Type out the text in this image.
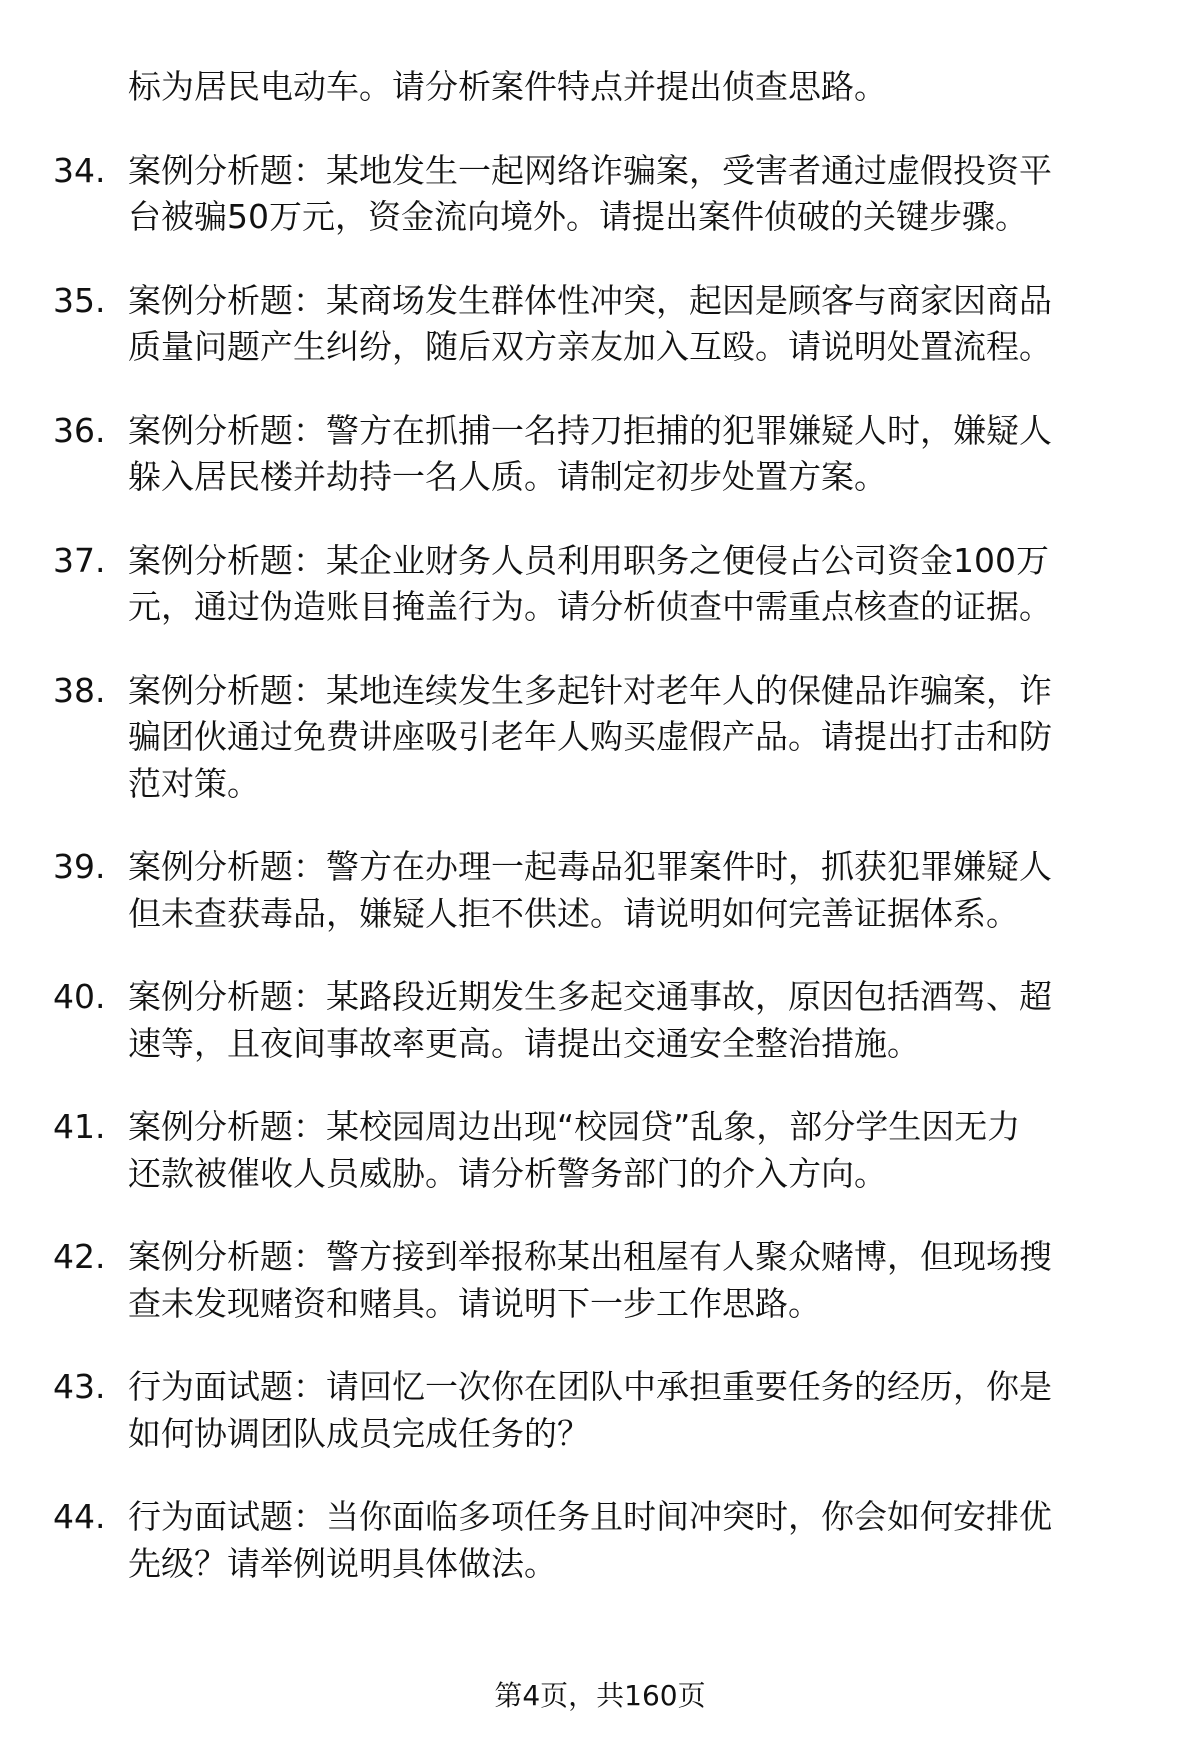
标为居民电动车。请分析案件特点并提出侦查思路。
34. 案例分析题：某地发生一起网络诈骗案，受害者通过虚假投资平
台被骗50万元，资金流向境外。请提出案件侦破的关键步骤。
35. 案例分析题：某商场发生群体性冲突，起因是顾客与商家因商品
质量问题产生纠纷，随后双方亲友加入互殴。请说明处置流程。
36. 案例分析题：警方在抓捕一名持刀拒捕的犯罪嫌疑人时，嫌疑人
躲入居民楼并劫持一名人质。请制定初步处置方案。
37. 案例分析题：某企业财务人员利用职务之便侵占公司资金100万
元，通过伪造账目掩盖行为。请分析侦查中需重点核查的证据。
38. 案例分析题：某地连续发生多起针对老年人的保健品诈骗案，诈
骗团伙通过免费讲座吸引老年人购买虚假产品。请提出打击和防
范对策。
39. 案例分析题：警方在办理一起毒品犯罪案件时，抓获犯罪嫌疑人
但未查获毒品，嫌疑人拒不供述。请说明如何完善证据体系。
40. 案例分析题：某路段近期发生多起交通事故，原因包括酒驾、超
速等，且夜间事故率更高。请提出交通安全整治措施。
41. 案例分析题：某校园周边出现“校园贷”乱象，部分学生因无力
还款被催收人员威胁。请分析警务部门的介入方向。
42. 案例分析题：警方接到举报称某出租屋有人聚众赌博，但现场搜
查未发现赌资和赌具。请说明下一步工作思路。
43. 行为面试题：请回忆一次你在团队中承担重要任务的经历，你是
如何协调团队成员完成任务的？
44. 行为面试题：当你面临多项任务且时间冲突时，你会如何安排优
先级？请举例说明具体做法。
第4页，共160页
